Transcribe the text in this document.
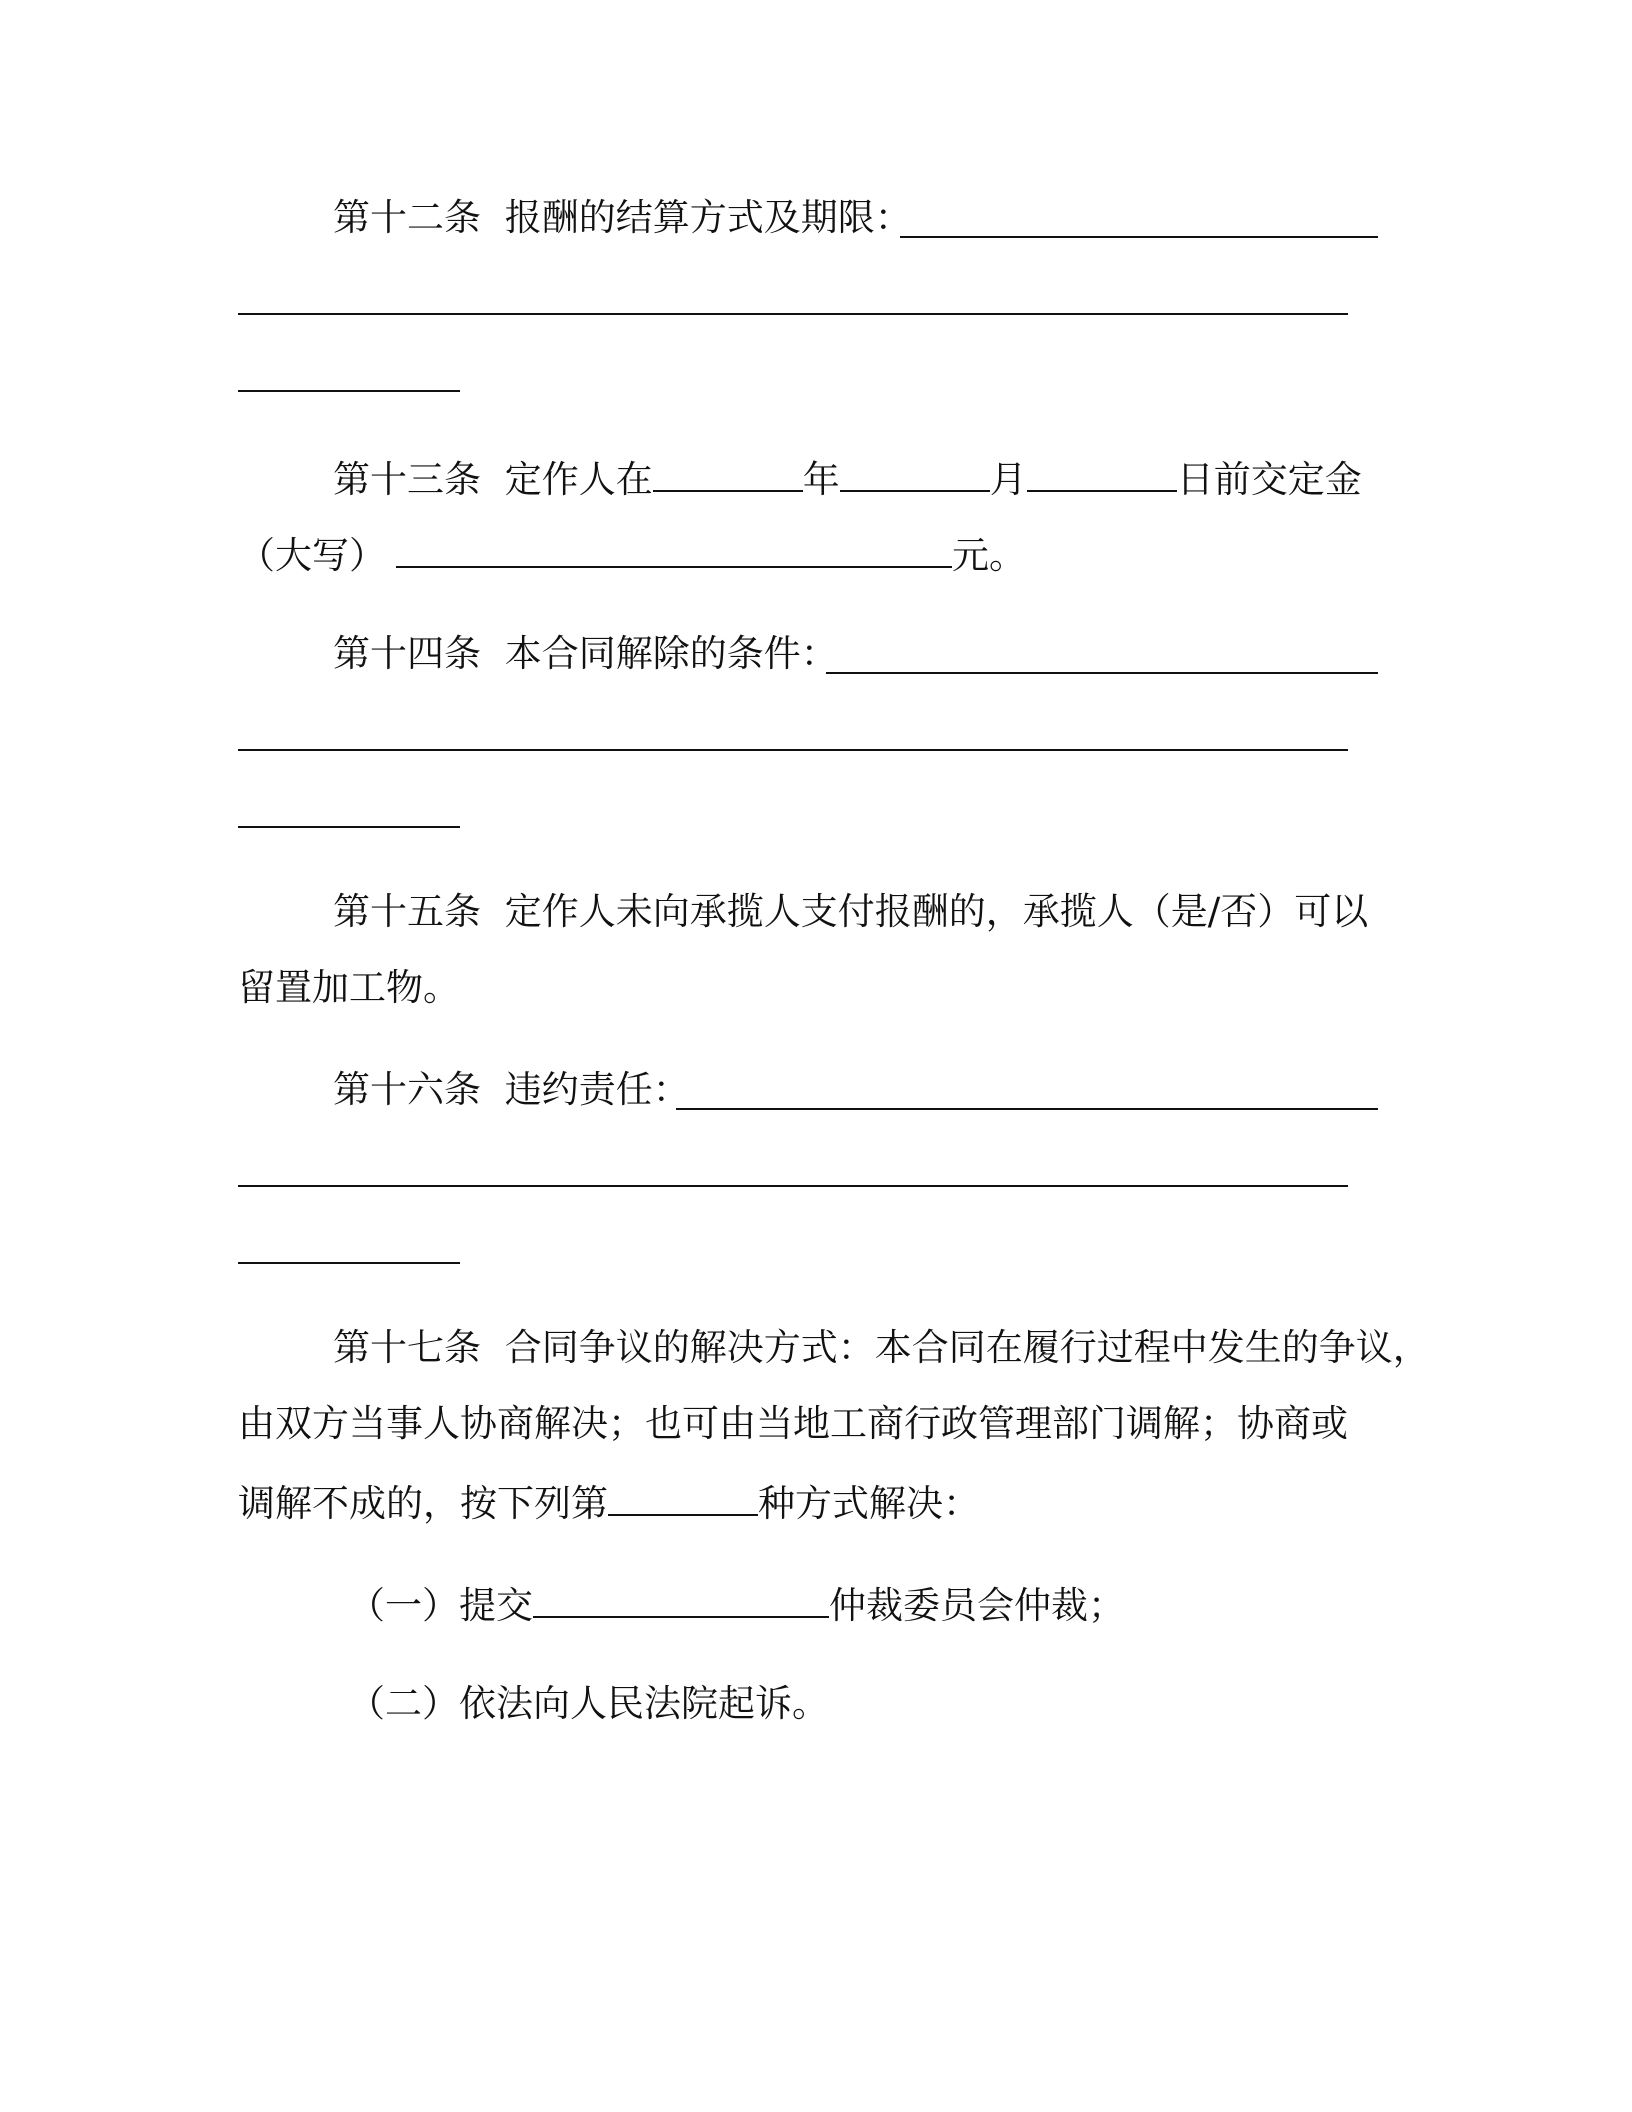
第十二条 报酬的结算方式及期限：
第十三条 定作人在	年	月	日前交定金
（大写）	元。
第十四条 本合同解除的条件：
第十五条 定作人未向承揽人支付报酬的，承揽人（是/否）可以
留置加工物。
第十六条 违约责任：
第十七条 合同争议的解决方式：本合同在履行过程中发生的争议，
由双方当事人协商解决；也可由当地工商行政管理部门调解；协商或
调解不成的，按下列第	种方式解决：
（一）提交	仲裁委员会仲裁；
（二）依法向人民法院起诉。
